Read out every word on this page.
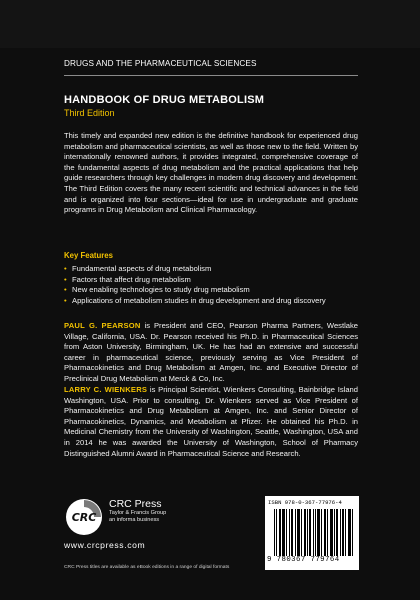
DRUGS AND THE PHARMACEUTICAL SCIENCES
HANDBOOK OF DRUG METABOLISM
Third Edition

This timely and expanded new edition is the definitive handbook for experienced drug metabolism and pharmaceutical scientists, as well as those new to the field. Written by internationally renowned authors, it provides integrated, comprehensive coverage of the fundamental aspects of drug metabolism and the practical applications that help guide researchers through key challenges in modern drug discovery and development. The Third Edition covers the many recent scientific and technical advances in the field and is organized into four sections—ideal for use in undergraduate and graduate programs in Drug Metabolism and Clinical Pharmacology.

Key Features
• Fundamental aspects of drug metabolism
• Factors that affect drug metabolism
• New enabling technologies to study drug metabolism
• Applications of metabolism studies in drug development and drug discovery

PAUL G. PEARSON is President and CEO, Pearson Pharma Partners, Westlake Village, California, USA. Dr. Pearson received his Ph.D. in Pharmaceutical Sciences from Aston University, Birmingham, UK. He has had an extensive and successful career in pharmaceutical science, previously serving as Vice President of Pharmacokinetics and Drug Metabolism at Amgen, Inc. and Executive Director of Preclinical Drug Metabolism at Merck & Co, Inc.

LARRY C. WIENKERS is Principal Scientist, Wienkers Consulting, Bainbridge Island Washington, USA. Prior to consulting, Dr. Wienkers served as Vice President of Pharmacokinetics and Drug Metabolism at Amgen, Inc. and Senior Director of Pharmacokinetics, Dynamics, and Metabolism at Pfizer. He obtained his Ph.D. in Medicinal Chemistry from the University of Washington, Seattle, Washington, USA and in 2014 he was awarded the University of Washington, School of Pharmacy Distinguished Alumni Award in Pharmaceutical Science and Research.

CRC
CRC Press
Taylor & Francis Group
an informa business
www.crcpress.com
CRC Press titles are available as eBook editions in a range of digital formats
ISBN 978-0-367-77976-4
9 780367 779764
